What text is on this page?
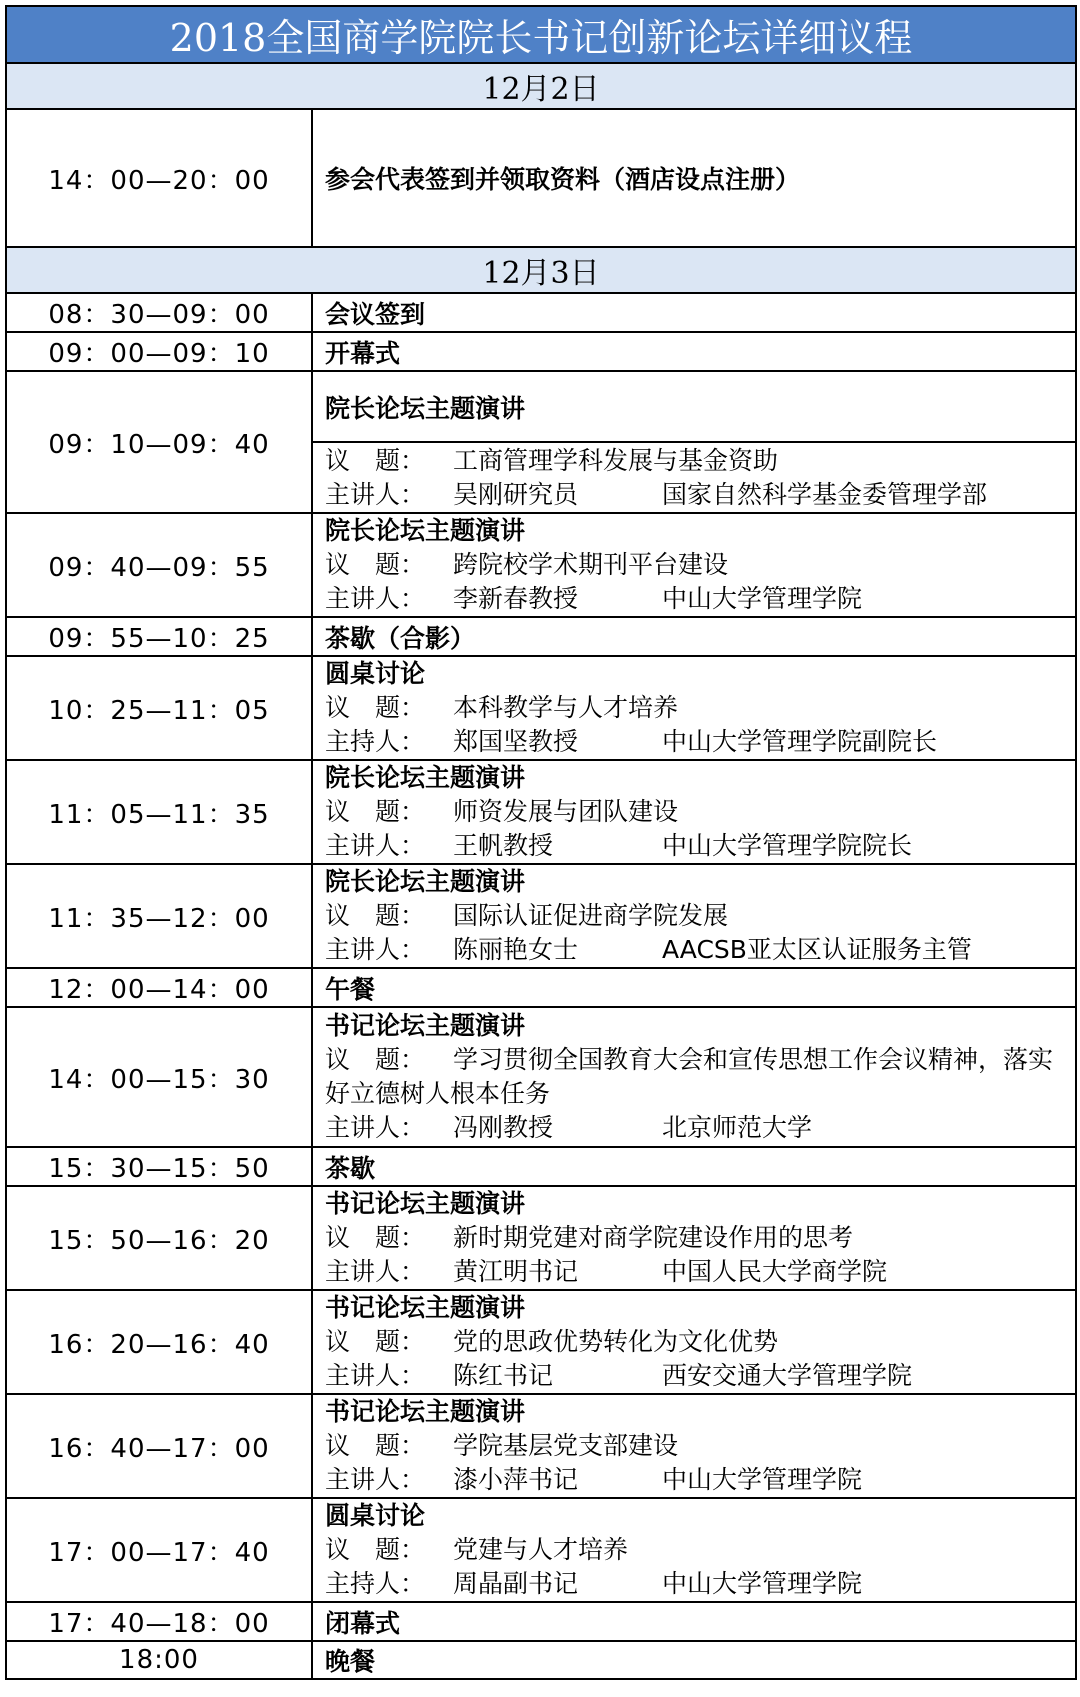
2018全国商学院院长书记创新论坛详细议程	
12月2日	
14：00—20：00	参会代表签到并领取资料（酒店设点注册）
12月3日	
08：30—09：00	会议签到
09：00—09：10	开幕式
09：10—09：40	院长论坛主题演讲

	议　题： 工商管理学科发展与基金资助
主讲人： 吴刚研究员 国家自然科学基金委管理学部

09：40—09：55	院长论坛主题演讲
议　题： 跨院校学术期刊平台建设
主讲人： 李新春教授 中山大学管理学院

09：55—10：25	茶歇（合影）
10：25—11：05	圆桌讨论
议　题： 本科教学与人才培养
主持人： 郑国坚教授 中山大学管理学院副院长

11：05—11：35	院长论坛主题演讲
议　题： 师资发展与团队建设
主讲人： 王帆教授 中山大学管理学院院长

11：35—12：00	院长论坛主题演讲
议　题： 国际认证促进商学院发展
主讲人： 陈丽艳女士 AACSB亚太区认证服务主管

12：00—14：00	午餐
14：00—15：30	书记论坛主题演讲
议　题： 学习贯彻全国教育大会和宣传思想工作会议精神，落实好立德树人根本任务
主讲人： 冯刚教授 北京师范大学

15：30—15：50	茶歇
15：50—16：20	书记论坛主题演讲
议　题： 新时期党建对商学院建设作用的思考
主讲人： 黄江明书记 中国人民大学商学院

16：20—16：40	书记论坛主题演讲
议　题： 党的思政优势转化为文化优势
主讲人： 陈红书记 西安交通大学管理学院

16：40—17：00	书记论坛主题演讲
议　题： 学院基层党支部建设
主讲人： 漆小萍书记 中山大学管理学院

17：00—17：40	圆桌讨论
议　题： 党建与人才培养
主持人： 周晶副书记 中山大学管理学院

17：40—18：00	闭幕式
18:00	晚餐
